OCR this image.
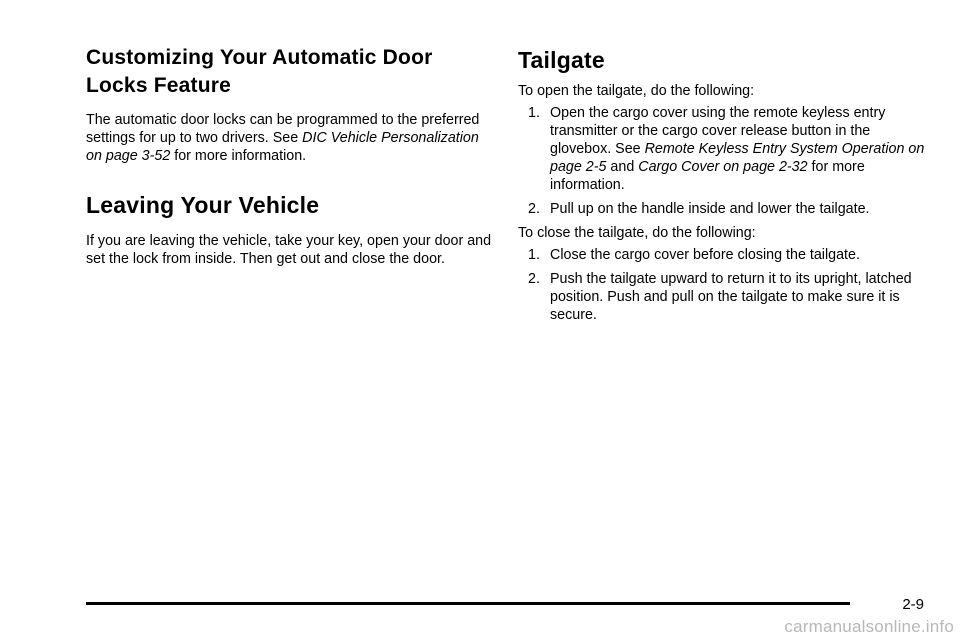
Customizing Your Automatic Door Locks Feature

The automatic door locks can be programmed to the preferred settings for up to two drivers. See DIC Vehicle Personalization on page 3-52 for more information.

Leaving Your Vehicle

If you are leaving the vehicle, take your key, open your door and set the lock from inside. Then get out and close the door.

Tailgate

To open the tailgate, do the following:

1. Open the cargo cover using the remote keyless entry transmitter or the cargo cover release button in the glovebox. See Remote Keyless Entry System Operation on page 2-5 and Cargo Cover on page 2-32 for more information.
2. Pull up on the handle inside and lower the tailgate.

To close the tailgate, do the following:

1. Close the cargo cover before closing the tailgate.
2. Push the tailgate upward to return it to its upright, latched position. Push and pull on the tailgate to make sure it is secure.
2-9
carmanualsonline.info
